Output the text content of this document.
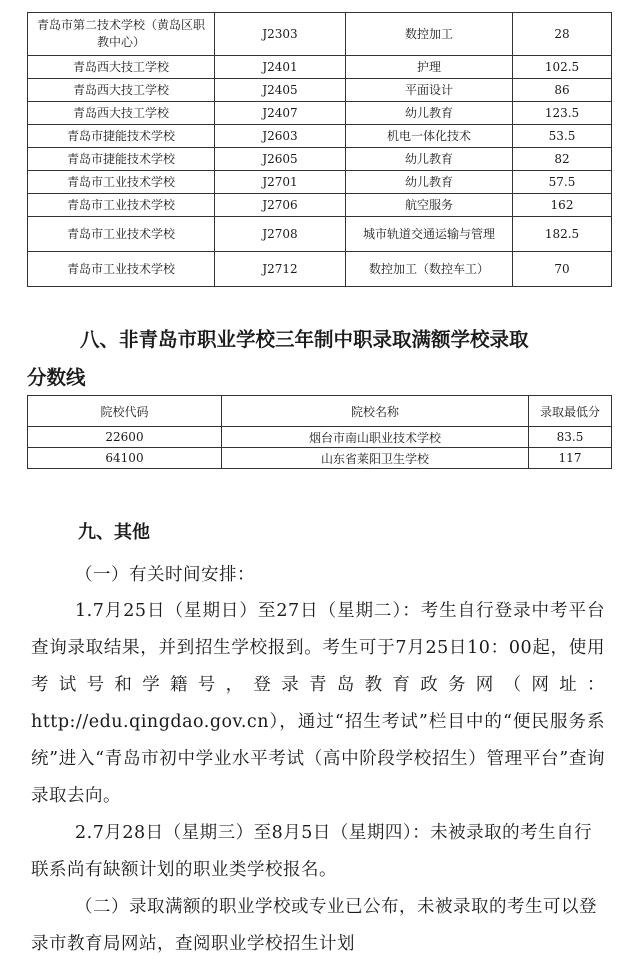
青岛市第二技术学校（黄岛区职教中心）	J2303	数控加工	28
青岛西大技工学校	J2401	护理	102.5
青岛西大技工学校	J2405	平面设计	86
青岛西大技工学校	J2407	幼儿教育	123.5
青岛市捷能技术学校	J2603	机电一体化技术	53.5
青岛市捷能技术学校	J2605	幼儿教育	82
青岛市工业技术学校	J2701	幼儿教育	57.5
青岛市工业技术学校	J2706	航空服务	162
青岛市工业技术学校	J2708	城市轨道交通运输与管理	182.5
青岛市工业技术学校	J2712	数控加工（数控车工）	70

八、非青岛市职业学校三年制中职录取满额学校录取

分数线

院校代码	院校名称	录取最低分
22600	烟台市南山职业技术学校	83.5
64100	山东省莱阳卫生学校	117

九、其他

（一）有关时间安排：

1.7月25日（星期日）至27日（星期二）：考生自行登录中考平台查询录取结果，并到招生学校报到。考生可于7月25日10：00起，使用考试号和学籍号，登录青岛教育政务网（网址：http://edu.qingdao.gov.cn），通过“招生考试”栏目中的“便民服务系统”进入“青岛市初中学业水平考试（高中阶段学校招生）管理平台”查询录取去向。

2.7月28日（星期三）至8月5日（星期四）：未被录取的考生自行联系尚有缺额计划的职业类学校报名。

（二）录取满额的职业学校或专业已公布，未被录取的考生可以登录市教育局网站，查阅职业学校招生计划
